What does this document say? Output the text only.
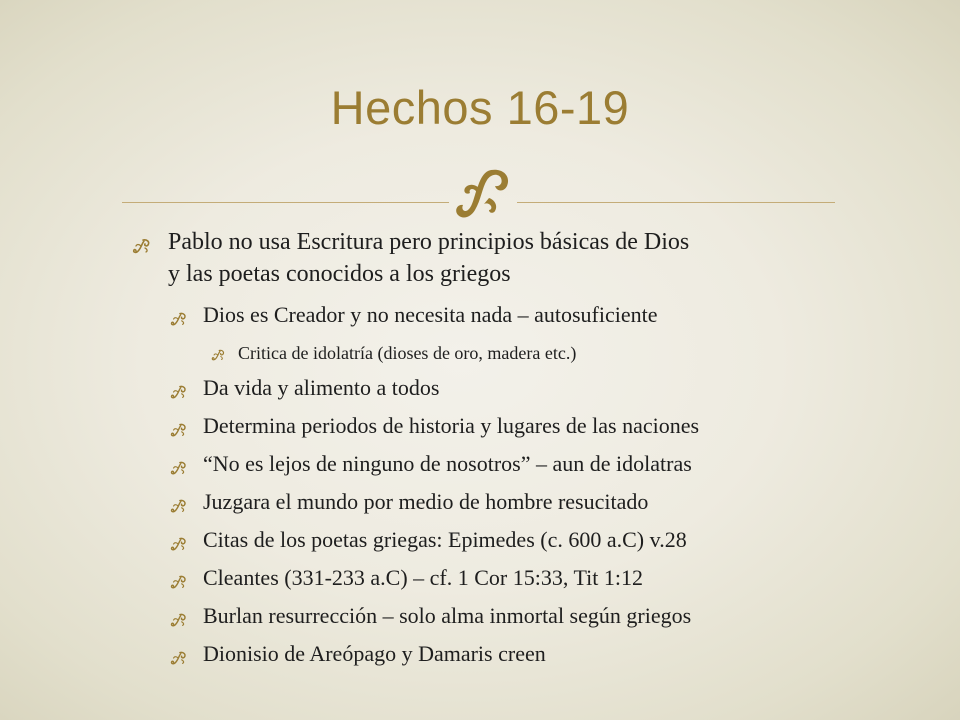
Hechos 16-19
Pablo no usa Escritura pero principios básicas de Dios
y las poetas conocidos a los griegos
Dios es Creador y no necesita nada – autosuficiente
Critica de idolatría (dioses de oro, madera etc.)
Da vida y alimento a todos
Determina periodos de historia y lugares de las naciones
“No es lejos de ninguno de nosotros” – aun de idolatras
Juzgara el mundo por medio de hombre resucitado
Citas de los poetas griegas: Epimedes (c. 600 a.C) v.28
Cleantes (331-233 a.C) – cf. 1 Cor 15:33, Tit 1:12
Burlan resurrección – solo alma inmortal según griegos
Dionisio de Areópago y Damaris creen
